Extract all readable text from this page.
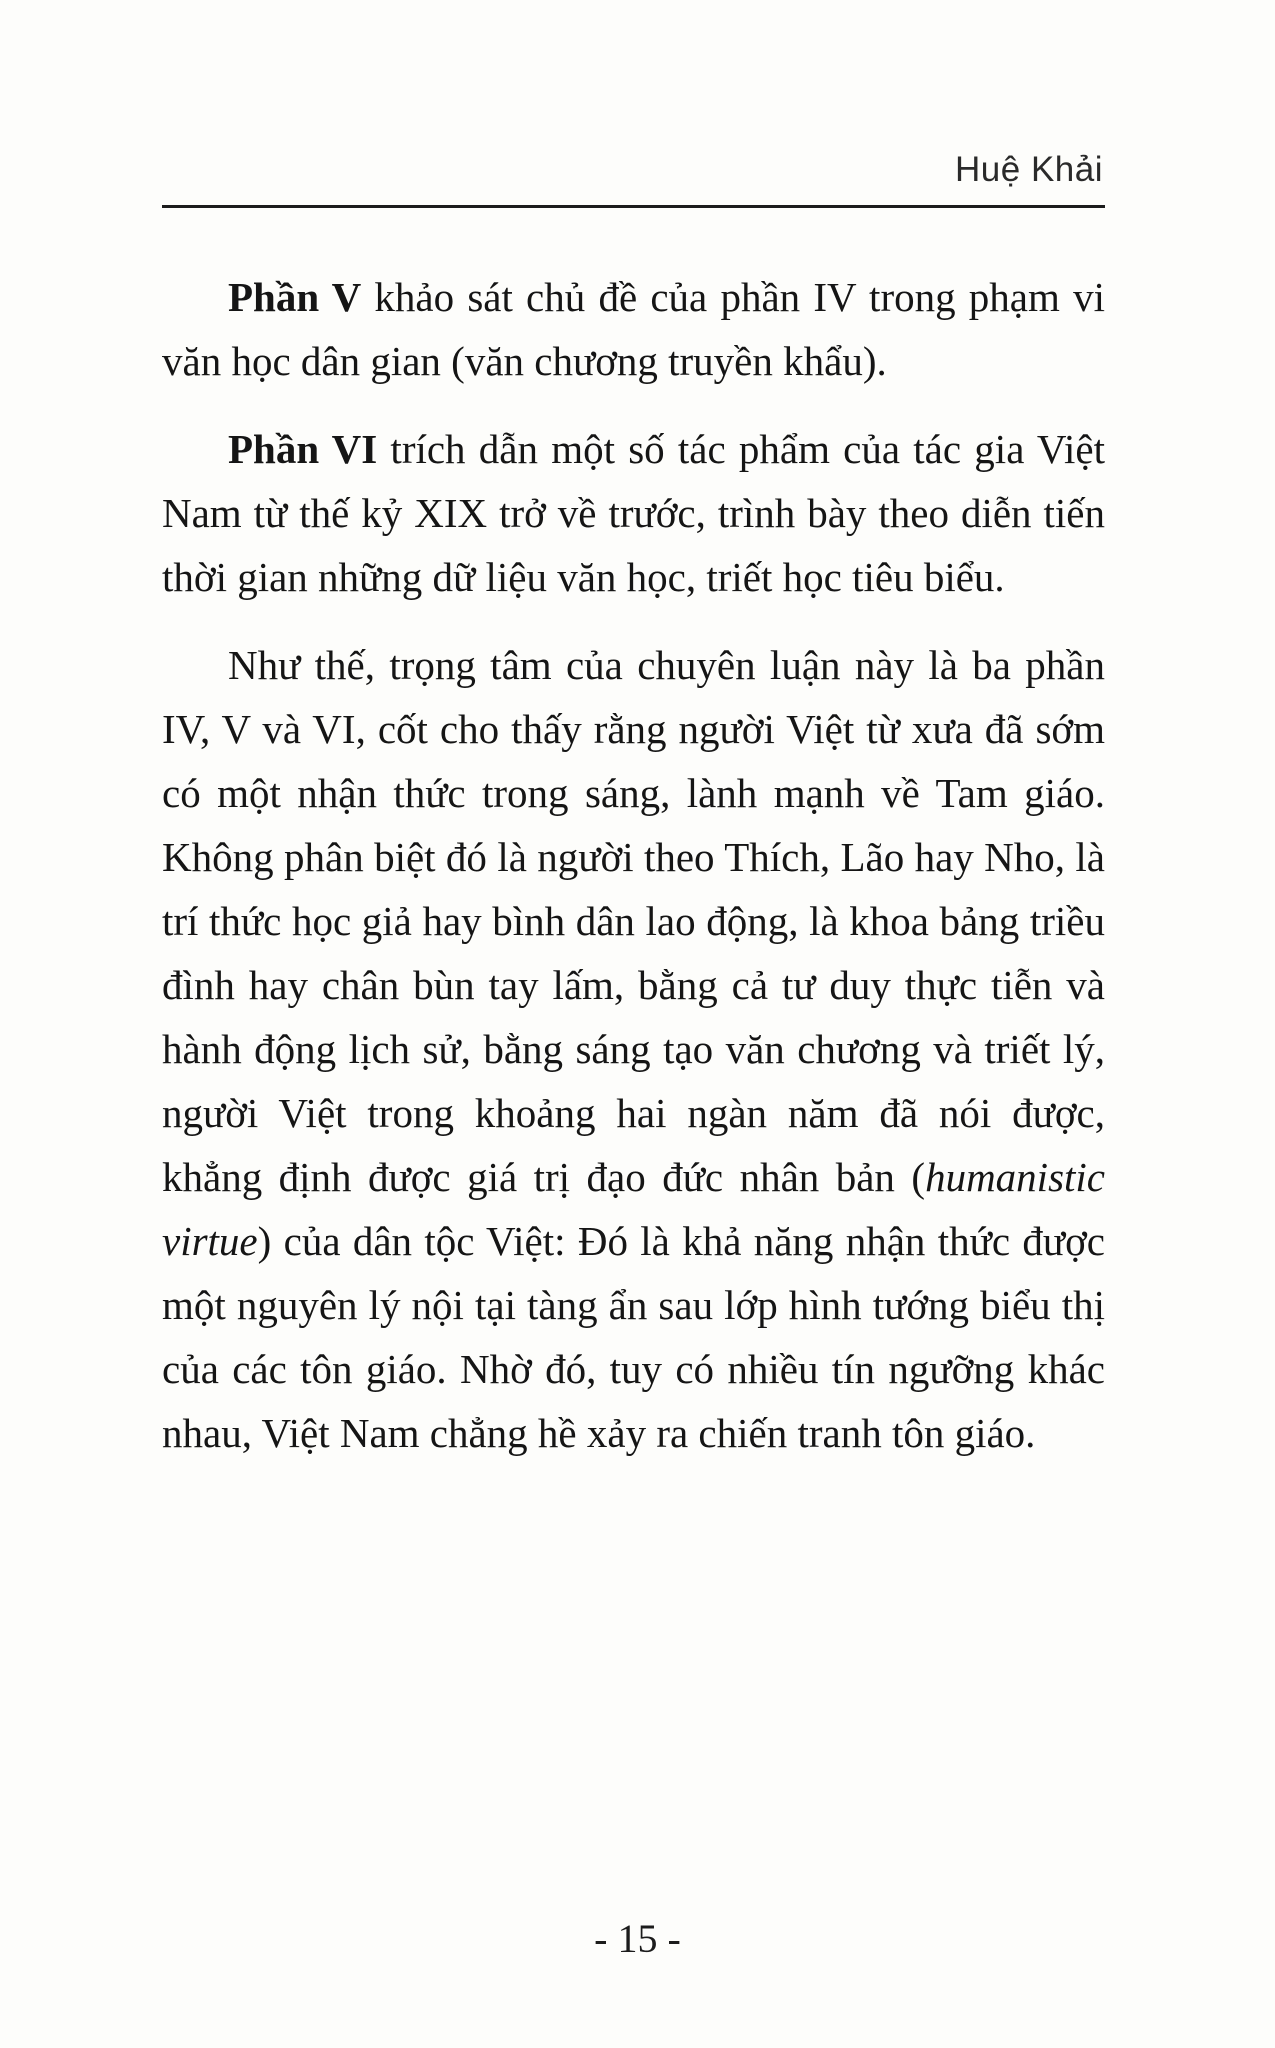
Huệ Khải

Phần V khảo sát chủ đề của phần IV trong phạm vi văn học dân gian (văn chương truyền khẩu).

Phần VI trích dẫn một số tác phẩm của tác gia Việt Nam từ thế kỷ XIX trở về trước, trình bày theo diễn tiến thời gian những dữ liệu văn học, triết học tiêu biểu.

Như thế, trọng tâm của chuyên luận này là ba phần IV, V và VI, cốt cho thấy rằng người Việt từ xưa đã sớm có một nhận thức trong sáng, lành mạnh về Tam giáo. Không phân biệt đó là người theo Thích, Lão hay Nho, là trí thức học giả hay bình dân lao động, là khoa bảng triều đình hay chân bùn tay lấm, bằng cả tư duy thực tiễn và hành động lịch sử, bằng sáng tạo văn chương và triết lý, người Việt trong khoảng hai ngàn năm đã nói được, khẳng định được giá trị đạo đức nhân bản (humanistic virtue) của dân tộc Việt: Đó là khả năng nhận thức được một nguyên lý nội tại tàng ẩn sau lớp hình tướng biểu thị của các tôn giáo. Nhờ đó, tuy có nhiều tín ngưỡng khác nhau, Việt Nam chẳng hề xảy ra chiến tranh tôn giáo.

- 15 -
